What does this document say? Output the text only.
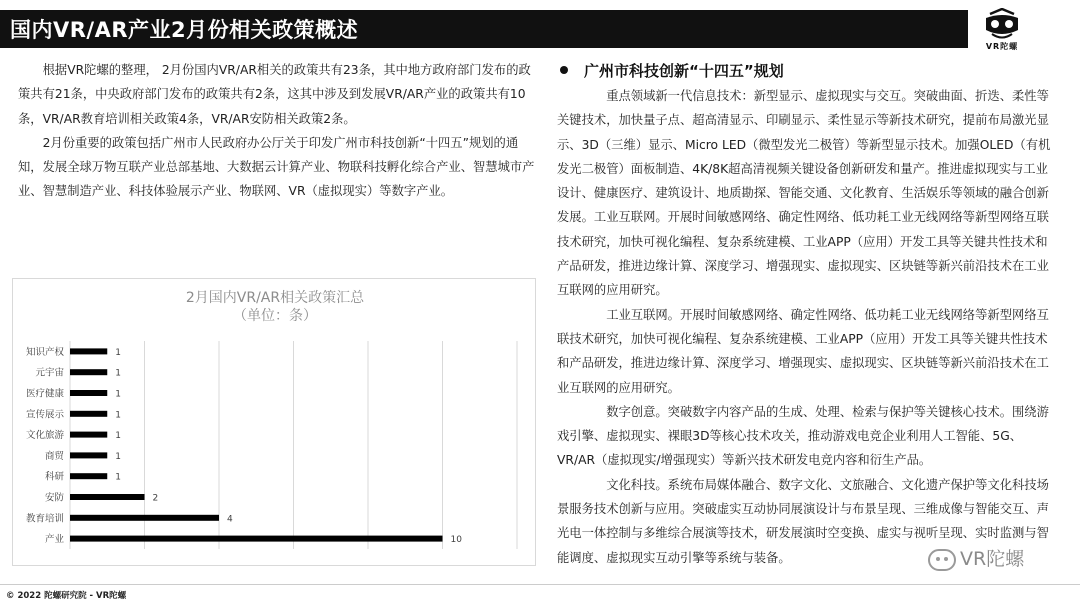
国内VR/AR产业2月份相关政策概述
VR陀螺

根据VR陀螺的整理， 2月份国内VR/AR相关的政策共有23条，其中地方政府部门发布的政策共有21条，中央政府部门发布的政策共有2条，这其中涉及到发展VR/AR产业的政策共有10条，VR/AR教育培训相关政策4条，VR/AR安防相关政策2条。

2月份重要的政策包括广州市人民政府办公厅关于印发广州市科技创新“十四五”规划的通知，发展全球万物互联产业总部基地、大数据云计算产业、物联科技孵化综合产业、智慧城市产业、智慧制造产业、科技体验展示产业、物联网、VR（虚拟现实）等数字产业。

2月国内VR/AR相关政策汇总
（单位：条）
知识产权	1
元宇宙	1
医疗健康	1
宣传展示	1
文化旅游	1
商贸	1
科研	1
安防	2
教育培训	4
产业	10
广州市科技创新“十四五”规划

重点领域新一代信息技术：新型显示、虚拟现实与交互。突破曲面、折迭、柔性等关键技术，加快量子点、超高清显示、印刷显示、柔性显示等新技术研究，提前布局激光显示、3D（三维）显示、Micro LED（微型发光二极管）等新型显示技术。加强OLED（有机发光二极管）面板制造、4K/8K超高清视频关键设备创新研发和量产。推进虚拟现实与工业设计、健康医疗、建筑设计、地质勘探、智能交通、文化教育、生活娱乐等领域的融合创新发展。工业互联网。开展时间敏感网络、确定性网络、低功耗工业无线网络等新型网络互联技术研究，加快可视化编程、复杂系统建模、工业APP（应用）开发工具等关键共性技术和产品研发，推进边缘计算、深度学习、增强现实、虚拟现实、区块链等新兴前沿技术在工业互联网的应用研究。

工业互联网。开展时间敏感网络、确定性网络、低功耗工业无线网络等新型网络互联技术研究，加快可视化编程、复杂系统建模、工业APP（应用）开发工具等关键共性技术和产品研发，推进边缘计算、深度学习、增强现实、虚拟现实、区块链等新兴前沿技术在工业互联网的应用研究。

数字创意。突破数字内容产品的生成、处理、检索与保护等关键核心技术。围绕游戏引擎、虚拟现实、裸眼3D等核心技术攻关，推动游戏电竞企业利用人工智能、5G、VR/AR（虚拟现实/增强现实）等新兴技术研发电竞内容和衍生产品。

文化科技。系统布局媒体融合、数字文化、文旅融合、文化遗产保护等文化科技场景服务技术创新与应用。突破虚实互动协同展演设计与布景呈现、三维成像与智能交互、声光电一体控制与多维综合展演等技术，研发展演时空变换、虚实与视听呈现、实时监测与智能调度、虚拟现实互动引擎等系统与装备。	VR陀螺
© 2022 陀螺研究院 - VR陀螺
